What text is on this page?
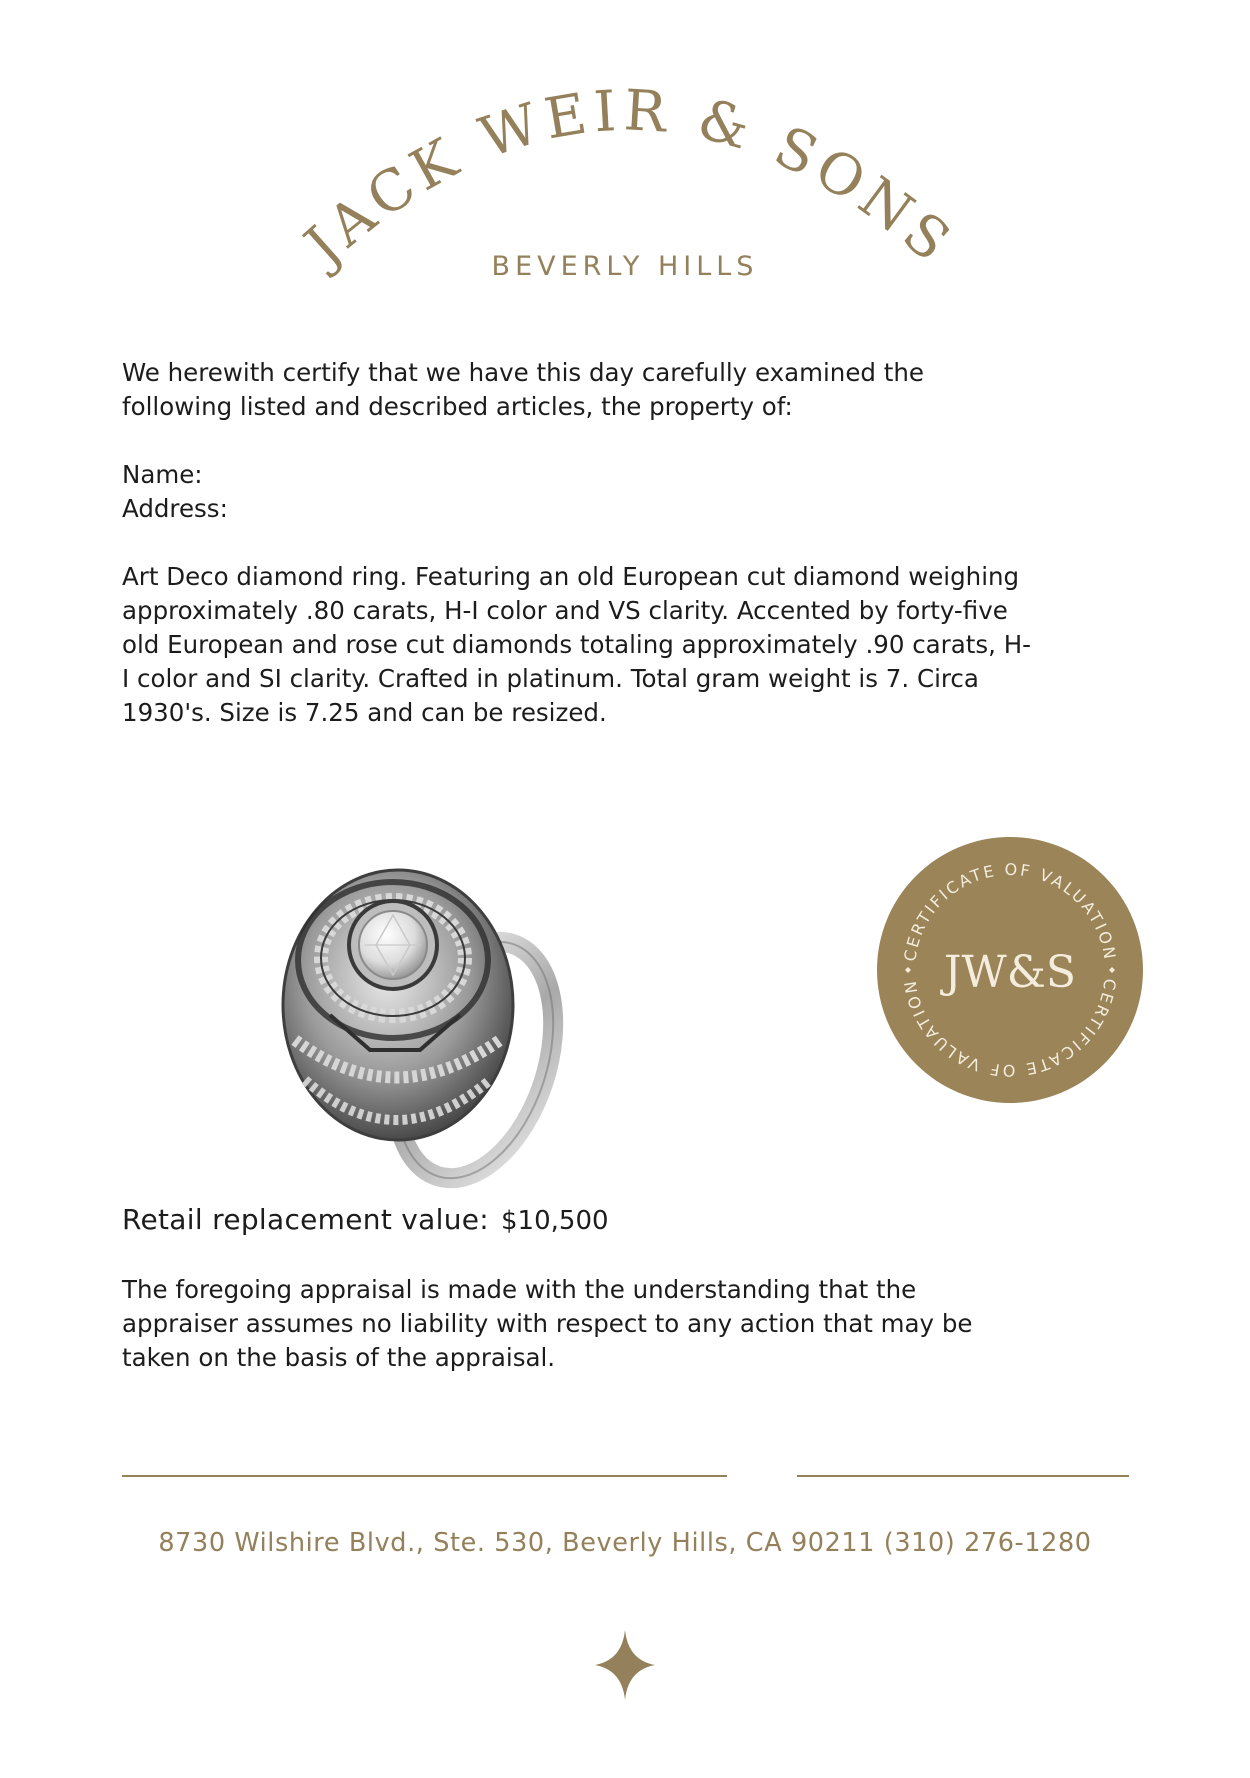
JACK WEIR & SONS
BEVERLY HILLS
We herewith certify that we have this day carefully examined the
following listed and described articles, the property of:
Name:
Address:
Art Deco diamond ring. Featuring an old European cut diamond weighing
approximately .80 carats, H-I color and VS clarity. Accented by forty-five
old European and rose cut diamonds totaling approximately .90 carats, H-
I color and SI clarity. Crafted in platinum. Total gram weight is 7. Circa
1930's. Size is 7.25 and can be resized.
CERTIFICATE OF VALUATION
CERTIFICATE OF VALUATION JW&S
Retail replacement value: $10,500
The foregoing appraisal is made with the understanding that the
appraiser assumes no liability with respect to any action that may be
taken on the basis of the appraisal.
8730 Wilshire Blvd., Ste. 530, Beverly Hills, CA 90211 (310) 276-1280
